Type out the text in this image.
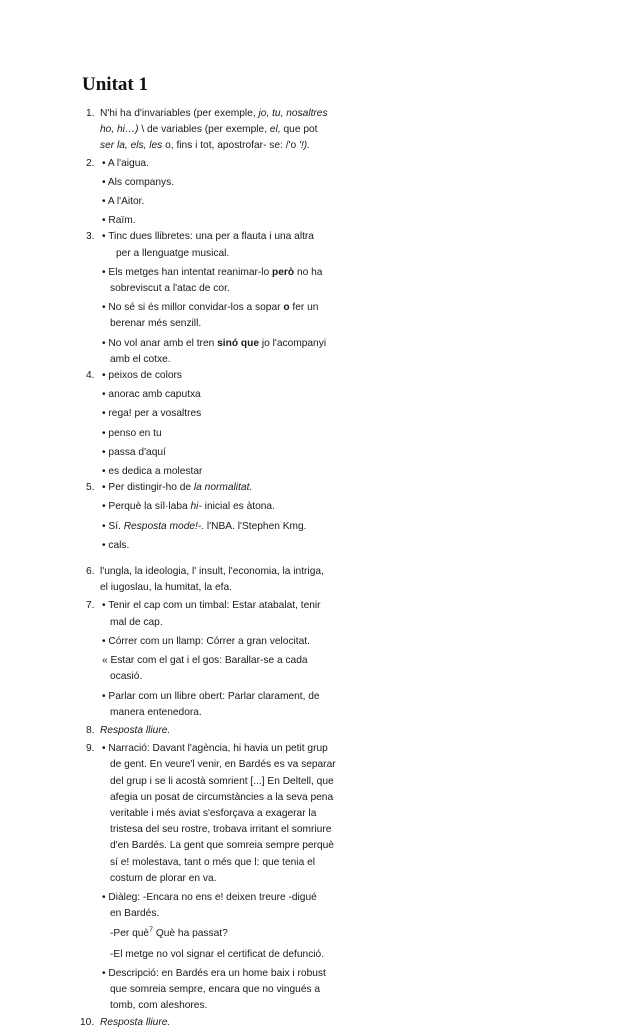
Unitat 1
1. N'hi ha d'invariables (per exemple, jo, tu, nosaltres
ho, hi…) \ de variables (per exemple, el, que pot
ser la, els, les o, fins i tot, apostrofar- se: /'o '!).
2. • A l'aigua.
• Als companys.
• A l'Aitor.
• Raïm.
3. • Tinc dues llibretes: una per a flauta i una altra
per a llenguatge musical.
• Els metges han intentat reanimar-lo però no ha
sobreviscut a l'atac de cor.
• No sé si és millor convidar-los a sopar o fer un
berenar més senzill.
• No vol anar amb el tren sinó que jo l'acompanyi
amb el cotxe.
4. • peixos de colors
• anorac amb caputxa
• rega! per a vosaltres
• penso en tu
• passa d'aquí
• es dedica a molestar
5. • Per distingir-ho de la normalitat.
• Perquè la síl·laba hi- inicial es àtona.
• Sí. Resposta mode!-. l'NBA. l'Stephen Kmg.
• cals.
6. l'ungla, la ideologia, l' insult, l'economia, la intriga,
el iugoslau, la humitat, la efa.
7. • Tenir el cap com un timbal: Estar atabalat, tenir
mal de cap.
• Córrer com un llamp: Córrer a gran velocitat.
« Estar com el gat i el gos: Barallar-se a cada ocasió.
• Parlar com un llibre obert: Parlar clarament, de
manera entenedora.
8. Resposta lliure.
9. • Narració: Davant l'agència, hi havia un petit grup
de gent. En veure'l venir, en Bardés es va separar
del grup i se li acostà somrient [...] En Deltell, que
afegia un posat de circumstàncies a la seva pena
veritable i més aviat s'esforçava a exagerar la
tristesa del seu rostre, trobava irritant el somriure
d'en Bardés. La gent que somreia sempre perquè
sí e! molestava, tant o més que l: que tenia el
costum de plorar en va.
• Diàleg: -Encara no ens e! deixen treure -digué
en Bardés.
-Per què$^7$ Què ha passat?
-El metge no vol signar el certificat de defunció.
• Descripció: en Bardés era un home baix i robust
que somreia sempre, encara que no vingués a
tomb, com aleshores.
10. Resposta lliure.
